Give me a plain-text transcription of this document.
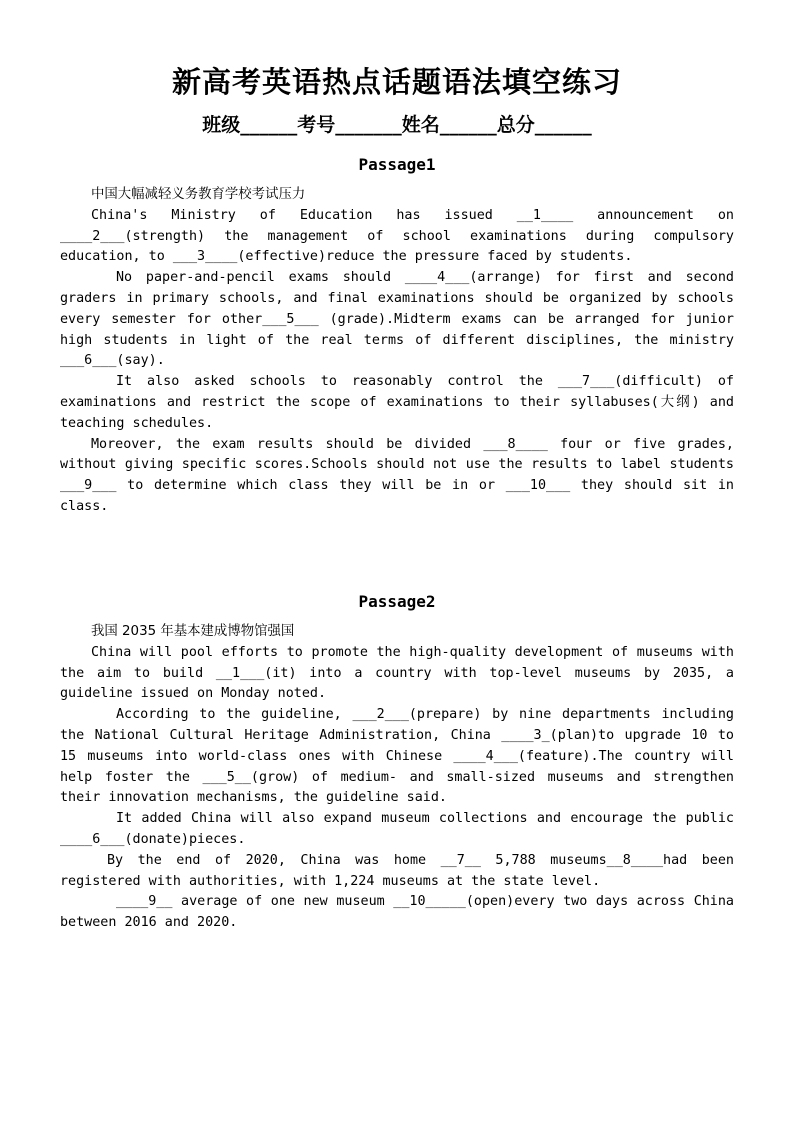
新高考英语热点话题语法填空练习
班级______考号_______姓名______总分______
Passage1

中国大幅减轻义务教育学校考试压力

China's Ministry of Education has issued __1____ announcement on ____2___(strength) the management of school examinations during compulsory education, to ___3____(effective)reduce the pressure faced by students.

No paper-and-pencil exams should ____4___(arrange) for first and second graders in primary schools, and final examinations should be organized by schools every semester for other___5___ (grade).Midterm exams can be arranged for junior high students in light of the real terms of different disciplines, the ministry ___6___(say).

It also asked schools to reasonably control the ___7___(difficult) of examinations and restrict the scope of examinations to their syllabuses(大纲) and teaching schedules.

Moreover, the exam results should be divided ___8____ four or five grades, without giving specific scores.Schools should not use the results to label students ___9___ to determine which class they will be in or ___10___ they should sit in class.

Passage2

我国 2035 年基本建成博物馆强国

China will pool efforts to promote the high-quality development of museums with the aim to build __1___(it) into a country with top-level museums by 2035, a guideline issued on Monday noted.

According to the guideline, ___2___(prepare) by nine departments including the National Cultural Heritage Administration, China ____3_(plan)to upgrade 10 to 15 museums into world-class ones with Chinese ____4___(feature).The country will help foster the ___5__(grow) of medium- and small-sized museums and strengthen their innovation mechanisms, the guideline said.

It added China will also expand museum collections and encourage the public ____6___(donate)pieces.

By the end of 2020, China was home __7__ 5,788 museums__8____had been registered with authorities, with 1,224 museums at the state level.

____9__ average of one new museum __10_____(open)every two days across China between 2016 and 2020.
